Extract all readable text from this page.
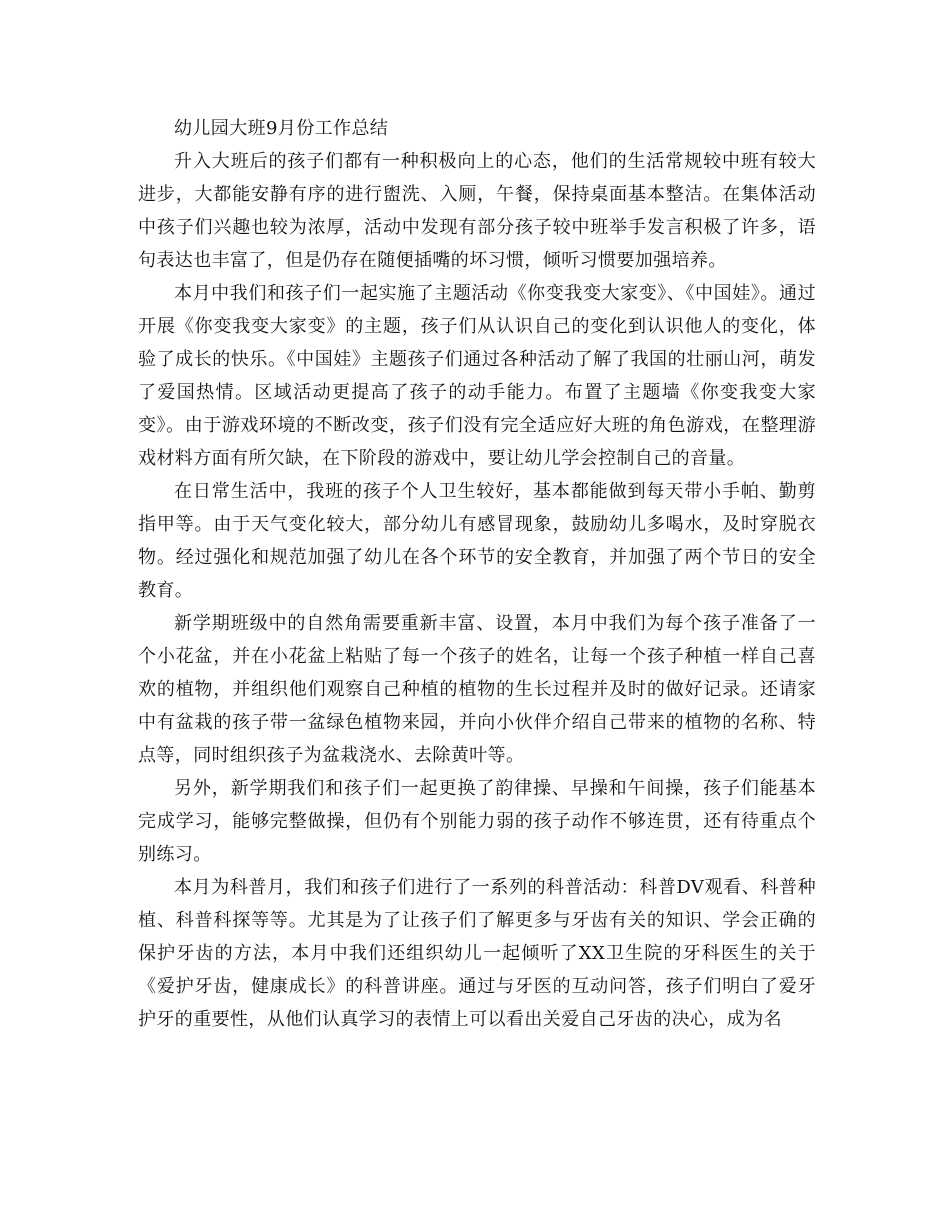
幼儿园大班9月份工作总结

升入大班后的孩子们都有一种积极向上的心态，他们的生活常规较中班有较大进步，大都能安静有序的进行盥洗、入厕，午餐，保持桌面基本整洁。在集体活动中孩子们兴趣也较为浓厚，活动中发现有部分孩子较中班举手发言积极了许多，语句表达也丰富了，但是仍存在随便插嘴的坏习惯，倾听习惯要加强培养。

本月中我们和孩子们一起实施了主题活动《你变我变大家变》、《中国娃》。通过开展《你变我变大家变》的主题，孩子们从认识自己的变化到认识他人的变化，体验了成长的快乐。《中国娃》主题孩子们通过各种活动了解了我国的壮丽山河，萌发了爱国热情。区域活动更提高了孩子的动手能力。布置了主题墙《你变我变大家变》。由于游戏环境的不断改变，孩子们没有完全适应好大班的角色游戏，在整理游戏材料方面有所欠缺，在下阶段的游戏中，要让幼儿学会控制自己的音量。

在日常生活中，我班的孩子个人卫生较好，基本都能做到每天带小手帕、勤剪指甲等。由于天气变化较大，部分幼儿有感冒现象，鼓励幼儿多喝水，及时穿脱衣物。经过强化和规范加强了幼儿在各个环节的安全教育，并加强了两个节日的安全教育。

新学期班级中的自然角需要重新丰富、设置，本月中我们为每个孩子准备了一个小花盆，并在小花盆上粘贴了每一个孩子的姓名，让每一个孩子种植一样自己喜欢的植物，并组织他们观察自己种植的植物的生长过程并及时的做好记录。还请家中有盆栽的孩子带一盆绿色植物来园，并向小伙伴介绍自己带来的植物的名称、特点等，同时组织孩子为盆栽浇水、去除黄叶等。

另外，新学期我们和孩子们一起更换了韵律操、早操和午间操，孩子们能基本完成学习，能够完整做操，但仍有个别能力弱的孩子动作不够连贯，还有待重点个别练习。

本月为科普月，我们和孩子们进行了一系列的科普活动：科普DV观看、科普种植、科普科探等等。尤其是为了让孩子们了解更多与牙齿有关的知识、学会正确的保护牙齿的方法，本月中我们还组织幼儿一起倾听了XX卫生院的牙科医生的关于《爱护牙齿，健康成长》的科普讲座。通过与牙医的互动问答，孩子们明白了爱牙护牙的重要性，从他们认真学习的表情上可以看出关爱自己牙齿的决心，成为名
